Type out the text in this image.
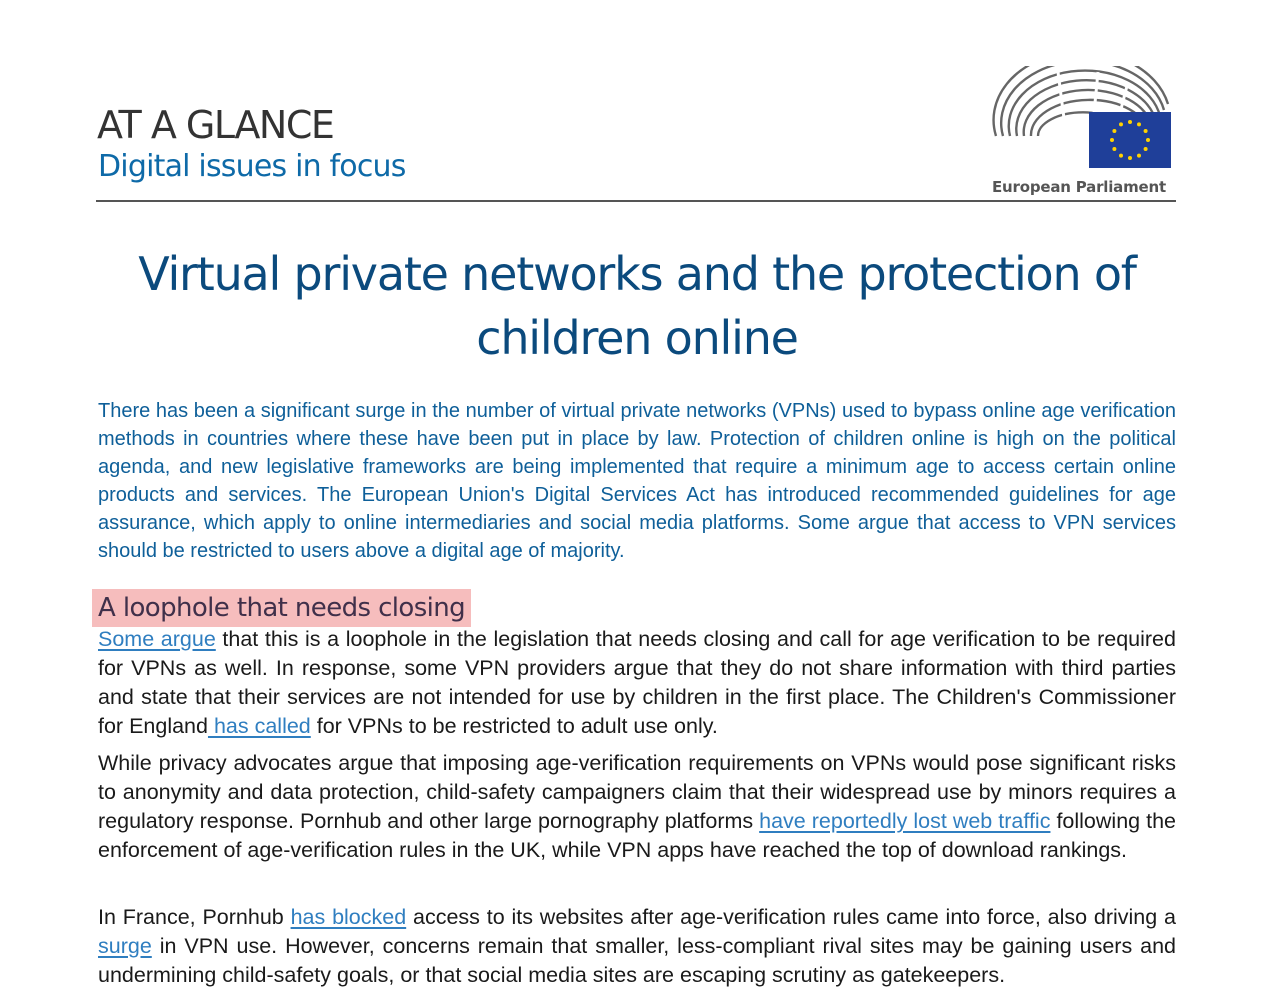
AT A GLANCE
Digital issues in focus
European Parliament
Virtual private networks and the protection of
children online

There has been a significant surge in the number of virtual private networks (VPNs) used to bypass online age verification methods in countries where these have been put in place by law. Protection of children online is high on the political agenda, and new legislative frameworks are being implemented that require a minimum age to access certain online products and services. The European Union's Digital Services Act has introduced recommended guidelines for age assurance, which apply to online intermediaries and social media platforms. Some argue that access to VPN services should be restricted to users above a digital age of majority.

A loophole that needs closing

Some argue that this is a loophole in the legislation that needs closing and call for age verification to be required for VPNs as well. In response, some VPN providers argue that they do not share information with third parties and state that their services are not intended for use by children in the first place. The Children's Commissioner for England has called for VPNs to be restricted to adult use only.

While privacy advocates argue that imposing age-verification requirements on VPNs would pose significant risks to anonymity and data protection, child-safety campaigners claim that their widespread use by minors requires a regulatory response. Pornhub and other large pornography platforms have reportedly lost web traffic following the enforcement of age-verification rules in the UK, while VPN apps have reached the top of download rankings.

In France, Pornhub has blocked access to its websites after age-verification rules came into force, also driving a surge in VPN use. However, concerns remain that smaller, less-compliant rival sites may be gaining users and undermining child-safety goals, or that social media sites are escaping scrutiny as gatekeepers.
